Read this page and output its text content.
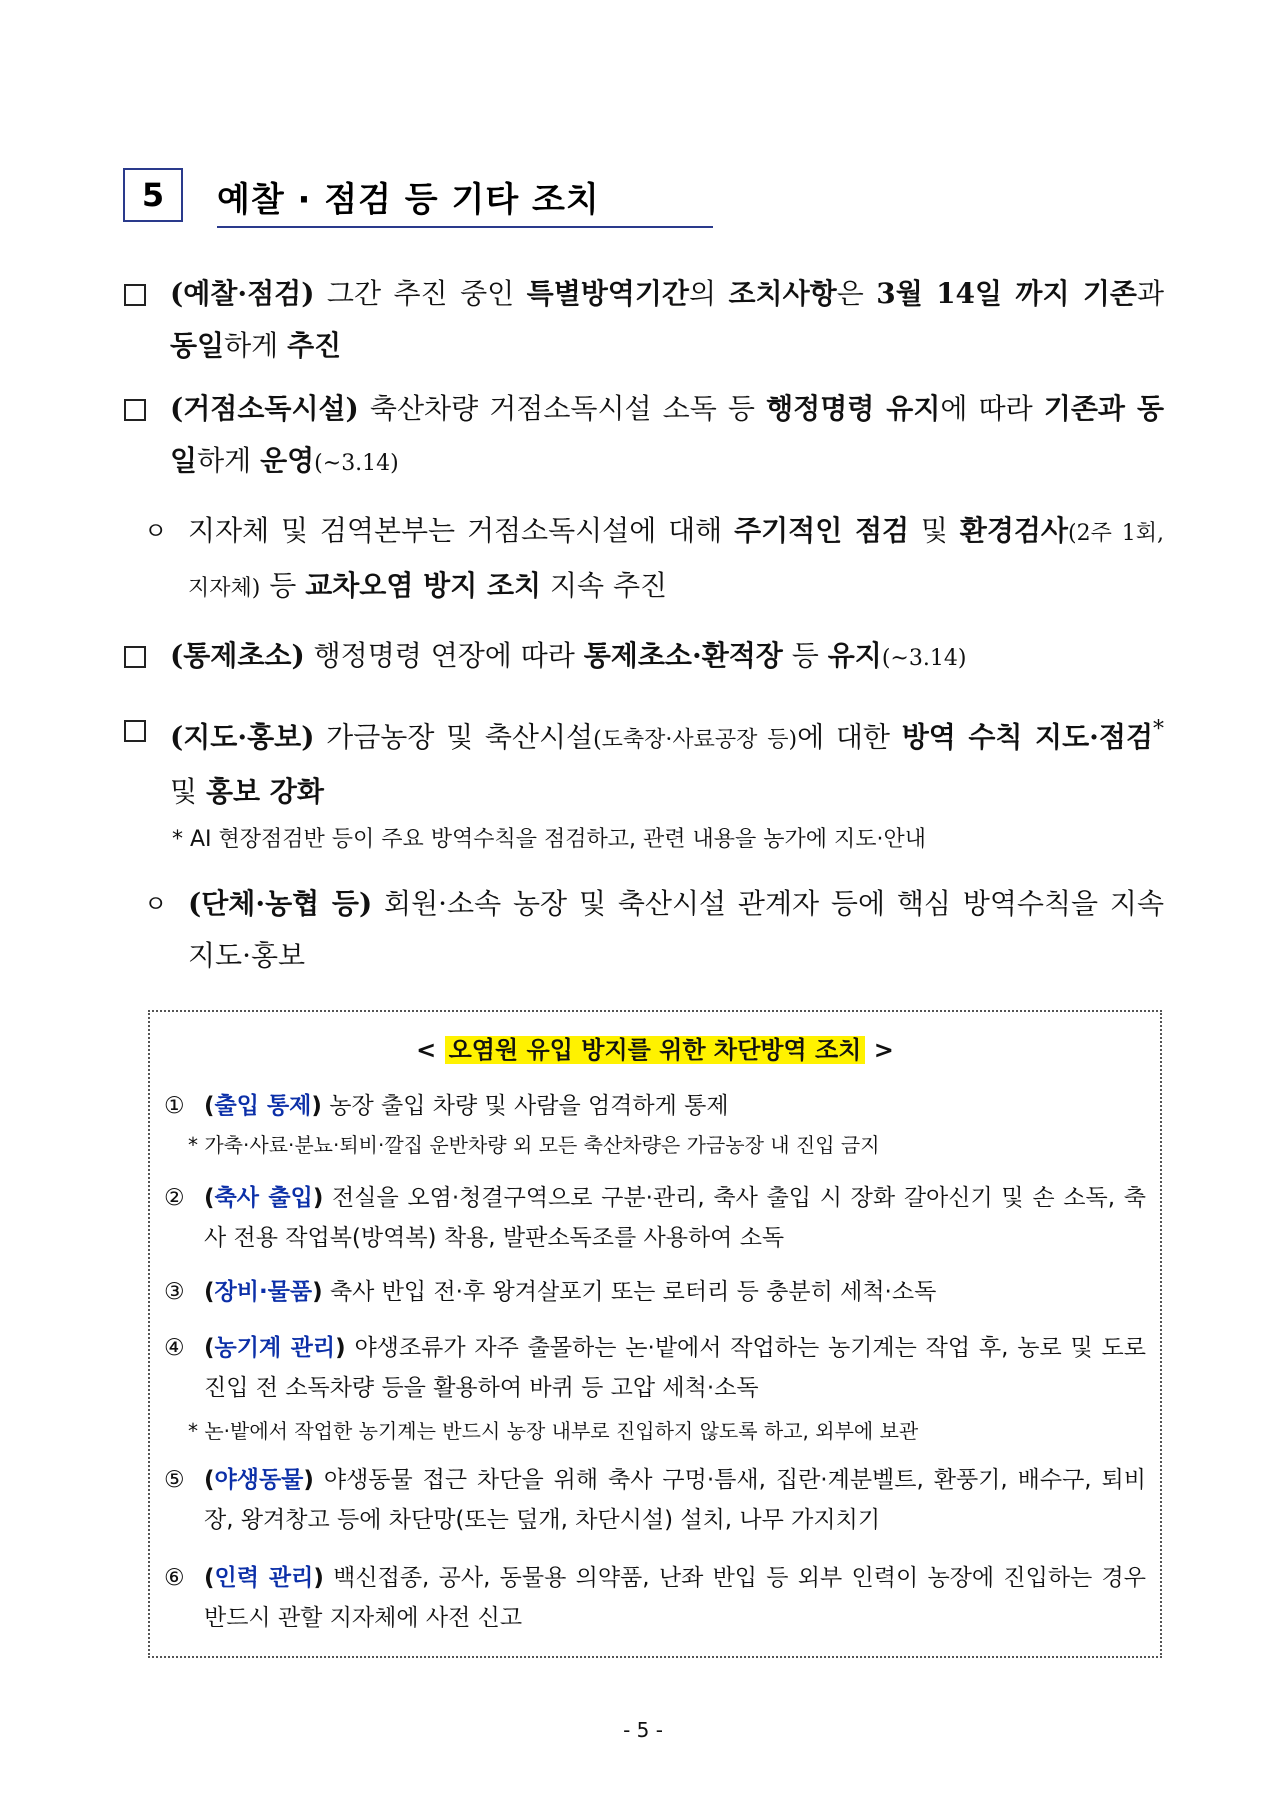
5	예찰 · 점검 등 기타 조치
(예찰·점검) 그간 추진 중인 특별방역기간의 조치사항은 3월 14일 까지 기존과 동일하게 추진
(거점소독시설) 축산차량 거점소독시설 소독 등 행정명령 유지에 따라 기존과 동일하게 운영(~3.14)
ㅇ 지자체 및 검역본부는 거점소독시설에 대해 주기적인 점검 및 환경검사(2주 1회, 지자체) 등 교차오염 방지 조치 지속 추진
(통제초소) 행정명령 연장에 따라 통제초소·환적장 등 유지(~3.14)
(지도·홍보) 가금농장 및 축산시설(도축장·사료공장 등)에 대한 방역 수칙 지도·점검* 및 홍보 강화
* AI 현장점검반 등이 주요 방역수칙을 점검하고, 관련 내용을 농가에 지도·안내
ㅇ (단체·농협 등) 회원·소속 농장 및 축산시설 관계자 등에 핵심 방역수칙을 지속 지도·홍보
< 오염원 유입 방지를 위한 차단방역 조치 >
① (출입 통제) 농장 출입 차량 및 사람을 엄격하게 통제
* 가축·사료·분뇨·퇴비·깔집 운반차량 외 모든 축산차량은 가금농장 내 진입 금지
② (축사 출입) 전실을 오염·청결구역으로 구분·관리, 축사 출입 시 장화 갈아신기 및 손 소독, 축사 전용 작업복(방역복) 착용, 발판소독조를 사용하여 소독
③ (장비·물품) 축사 반입 전·후 왕겨살포기 또는 로터리 등 충분히 세척·소독
④ (농기계 관리) 야생조류가 자주 출몰하는 논·밭에서 작업하는 농기계는 작업 후, 농로 및 도로 진입 전 소독차량 등을 활용하여 바퀴 등 고압 세척·소독
* 논·밭에서 작업한 농기계는 반드시 농장 내부로 진입하지 않도록 하고, 외부에 보관
⑤ (야생동물) 야생동물 접근 차단을 위해 축사 구멍·틈새, 집란·계분벨트, 환풍기, 배수구, 퇴비장, 왕겨창고 등에 차단망(또는 덮개, 차단시설) 설치, 나무 가지치기
⑥ (인력 관리) 백신접종, 공사, 동물용 의약품, 난좌 반입 등 외부 인력이 농장에 진입하는 경우 반드시 관할 지자체에 사전 신고
- 5 -
